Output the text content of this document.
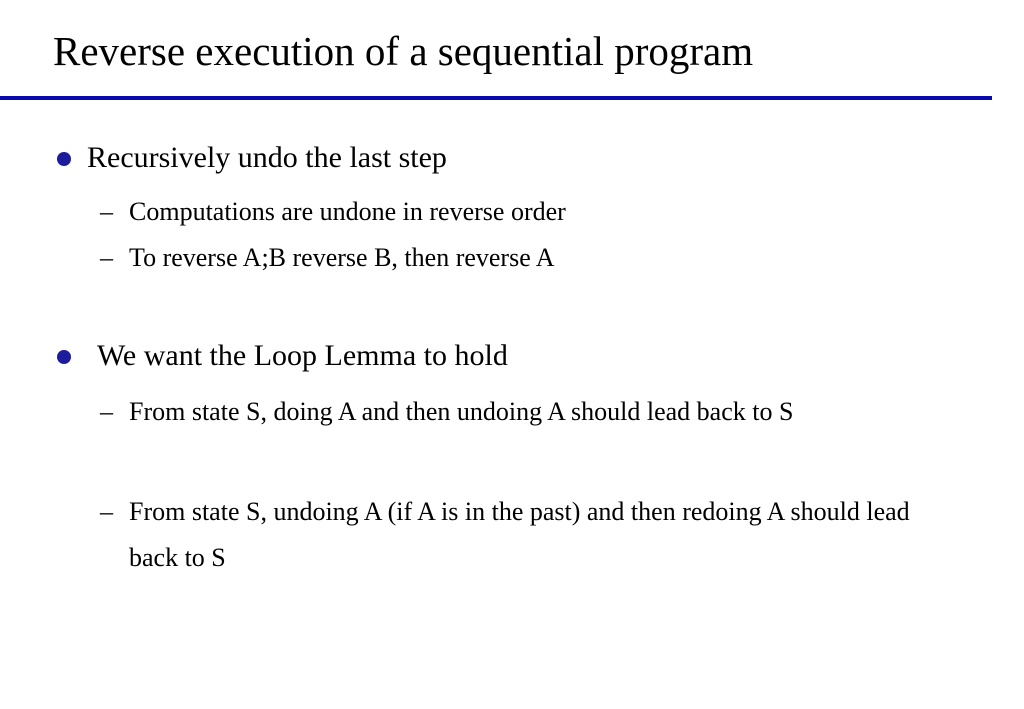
Reverse execution of a sequential program
Recursively undo the last step
– Computations are undone in reverse order
– To reverse A;B reverse B, then reverse A
We want the Loop Lemma to hold
– From state S, doing A and then undoing A should lead back to S
– From state S, undoing A (if A is in the past) and then redoing A should lead back to S
